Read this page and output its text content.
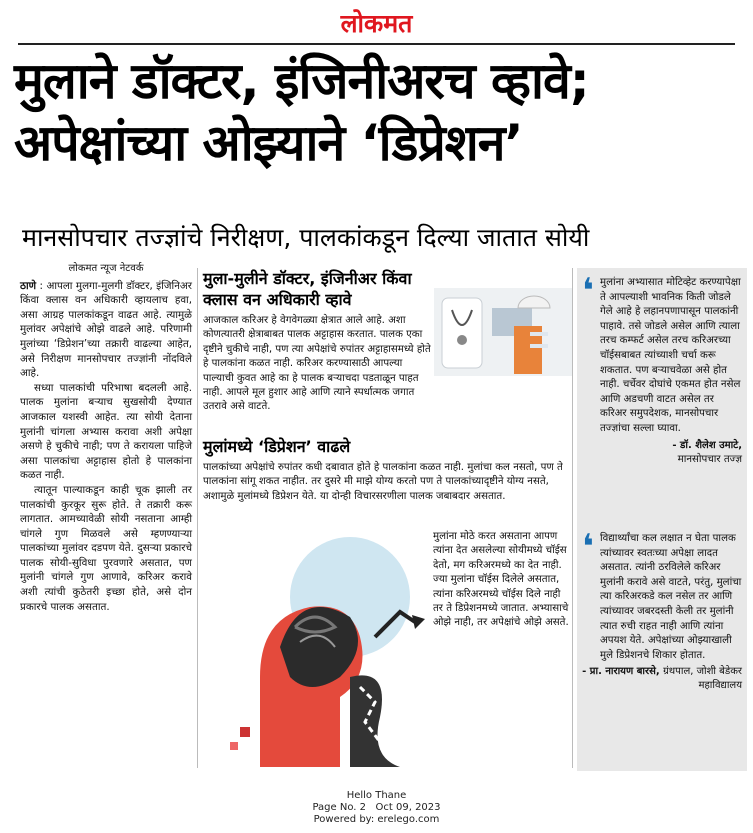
लोकमत
मुलाने डॉक्टर, इंजिनीअरच व्हावे;
अपेक्षांच्या ओझ्याने ‘डिप्रेशन’
मानसोपचार तज्ज्ञांचे निरीक्षण, पालकांकडून दिल्या जातात सोयी
लोकमत न्यूज नेटवर्क

ठाणे : आपला मुलगा-मुलगी डॉक्टर, इंजिनिअर किंवा क्लास वन अधिकारी व्हायलाच हवा, असा आग्रह पालकांकडून वाढत आहे. त्यामुळे मुलांवर अपेक्षांचे ओझे वाढले आहे. परिणामी मुलांच्या ‘डिप्रेशन’च्या तक्रारी वाढल्या आहेत, असे निरीक्षण मानसोपचार तज्ज्ञांनी नोंदविले आहे.

सध्या पालकांची परिभाषा बदलली आहे. पालक मुलांना बऱ्याच सुखसोयी देण्यात आजकाल यशस्वी आहेत. त्या सोयी देताना मुलांनी चांगला अभ्यास करावा अशी अपेक्षा असणे हे चुकीचे नाही; पण ते करायला पाहिजे असा पालकांचा अट्टाहास होतो हे पालकांना कळत नाही.

त्यातून पाल्याकडून काही चूक झाली तर पालकांची कुरकूर सुरू होते. ते तक्रारी करू लागतात. आमच्यावेळी सोयी नसताना आम्ही चांगले गुण मिळवले असे म्हणण्याऱ्या पालकांच्या मुलांवर दडपण येते. दुसऱ्या प्रकारचे पालक सोयी-सुविधा पुरवणारे असतात, पण मुलांनी चांगले गुण आणावे, करिअर करावे अशी त्यांची कुठेतरी इच्छा होते, असे दोन प्रकारचे पालक असतात.

मुला-मुलीने डॉक्टर, इंजिनीअर किंवा क्लास वन अधिकारी व्हावे
आजकाल करिअर हे वेगवेगळ्या क्षेत्रात आले आहे. अशा कोणत्यातरी क्षेत्राबाबत पालक अट्टाहास करतात. पालक एका दृष्टीने चुकीचे नाही, पण त्या अपेक्षांचे रुपांतर अट्टाहासमध्ये होते हे पालकांना कळत नाही. करिअर करण्यासाठी आपल्या पाल्याची कुवत आहे का हे पालक बऱ्याचदा पडताळून पाहत नाही. आपले मूल हुशार आहे आणि त्याने स्पर्धात्मक जगात उतरावे असे वाटते.
मुलांमध्ये ‘डिप्रेशन’ वाढले
पालकांच्या अपेक्षांचे रुपांतर कधी दबावात होते हे पालकांना कळत नाही. मुलांचा कल नसतो, पण ते पालकांना सांगू शकत नाहीत. तर दुसरे मी माझे योग्य करतो पण ते पालकांच्यादृष्टीने योग्य नसते, अशामुळे मुलांमध्ये डिप्रेशन येते. या दोन्ही विचारसरणीला पालक जबाबदार असतात.
मुलांना मोठे करत असताना आपण त्यांना देत असलेल्या सोयीमध्ये चॉईस देतो, मग करिअरमध्ये का देत नाही. ज्या मुलांना चॉईस दिलेले असतात, त्यांना करिअरमध्ये चॉईस दिले नाही तर ते डिप्रेशनमध्ये जातात. अभ्यासाचे ओझे नाही, तर अपेक्षांचे ओझे असते.
❛ मुलांना अभ्यासात मोटिव्हेट करण्यापेक्षा ते आपल्याशी भावनिक किती जोडले गेले आहे हे लहानपणापासून पालकांनी पाहावे. तसे जोडले असेल आणि त्याला तरच कम्फर्ट असेल तरच करिअरच्या चॉईसबाबत त्यांच्याशी चर्चा करू शकतात. पण बऱ्याचवेळा असे होत नाही. चर्चेवर दोघांचे एकमत होत नसेल आणि अडचणी वाटत असेल तर करिअर समुपदेशक, मानसोपचार तज्ज्ञांचा सल्ला घ्यावा.
- डॉ. शैलेश उमाटे,
मानसोपचार तज्ज्ञ
❛ विद्यार्थ्यांचा कल लक्षात न घेता पालक त्यांच्यावर स्वतःच्या अपेक्षा लादत असतात. त्यांनी ठरविलेले करिअर मुलांनी करावे असे वाटते, परंतु, मुलांचा त्या करिअरकडे कल नसेल तर आणि त्यांच्यावर जबरदस्ती केली तर मुलांनी त्यात रुची राहत नाही आणि त्यांना अपयश येते. अपेक्षांच्या ओझ्याखाली मुले डिप्रेशनचे शिकार होतात.
- प्रा. नारायण बारसे, ग्रंथपाल, जोशी बेडेकर महाविद्यालय
Hello Thane
Page No. 2   Oct 09, 2023
Powered by: erelego.com
